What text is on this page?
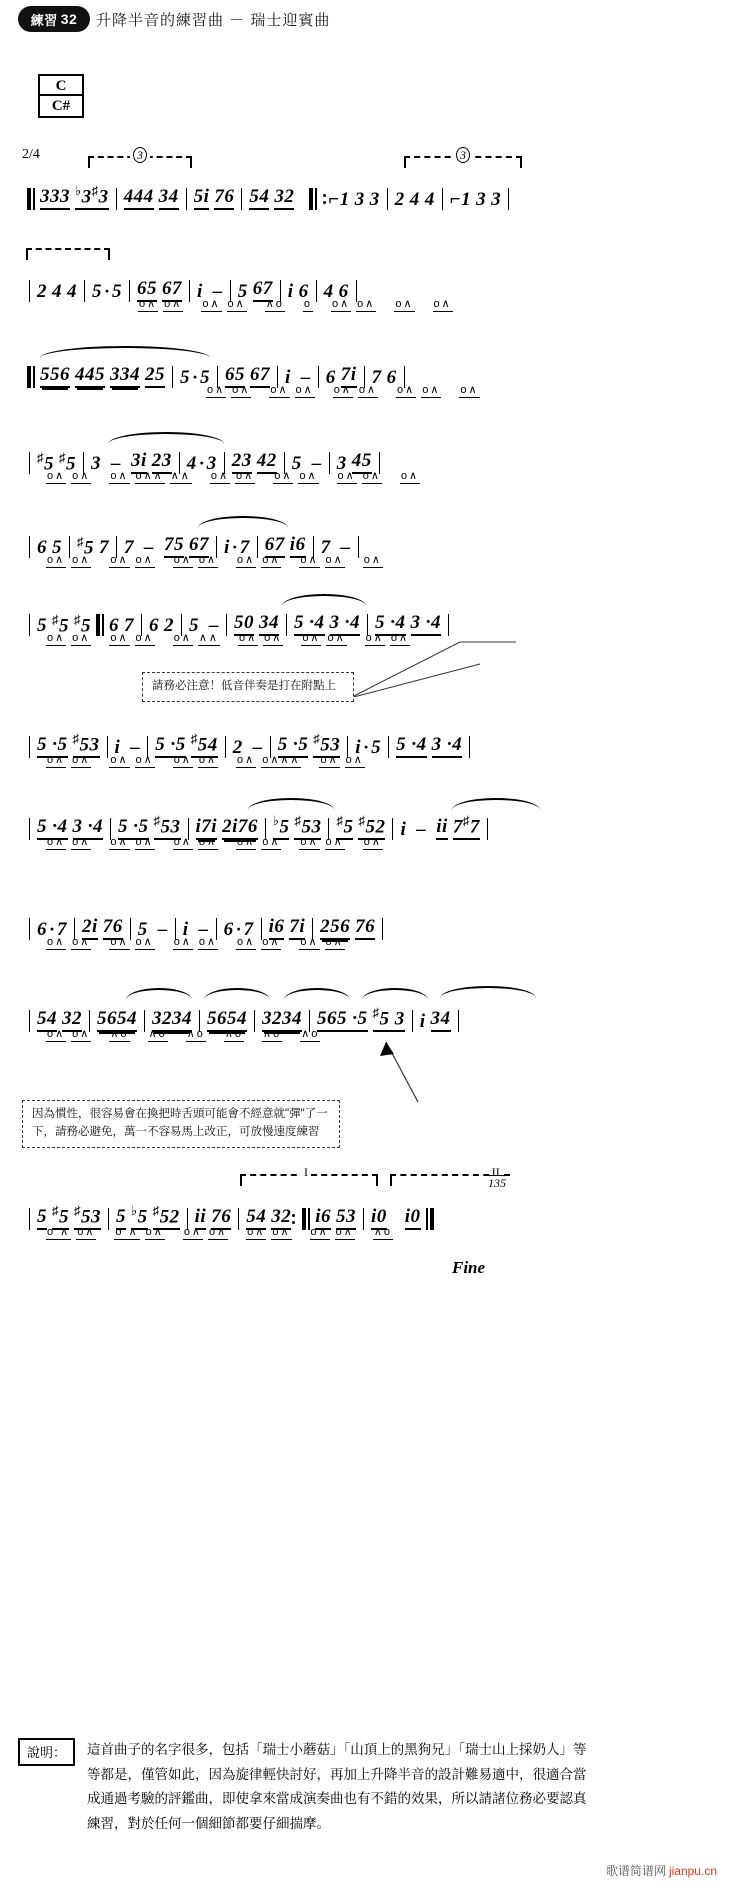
練習 32 升降半音的練習曲 － 瑞士迎賓曲
C
C#
2/4	3	3
333 ♭3♯3 444 34 5i 76 54 32 ⌐1 3 3 2 4 4 ⌐1 3 3
2 4 4 5 · 5 65 67 i – 5 67 i 6 4 6
o∧ o∧ o∧ o∧ ∧o o o∧ o∧ o∧ o∧
556 445 334 25 5 · 5 65 67 i – 6 7i 7 6
o∧ o∧ o∧ o∧ o∧ o∧ o∧ o∧ o∧
♯5 ♯5 3 – 3i 23 4 · 3 23 42 5 – 3 45
o∧ o∧ o∧ o∧∧ ∧∧ o∧ o∧ o∧ o∧ o∧ o∧ o∧
6 5 ♯5 7 7 – 75 67 i · 7 67 i6 7 –
o∧ o∧ o∧ o∧ o∧ o∧ o∧ o∧ o∧ o∧ o∧
5 ♯5 ♯5 6 7 6 2 5 – 50 34 5 ·4 3 ·4 5 ·4 3 ·4
o∧ o∧ o∧ o∧ o∧ ∧∧ o∧ o∧ o∧ o∧ o∧ o∧
請務必注意！低音伴奏是打在附點上
5 ·5 ♯53 i – 5 ·5 ♯54 2 – 5 ·5 ♯53 i · 5 5 ·4 3 ·4
o∧ o∧ o∧ o∧ o∧ o∧ o∧ o∧∧∧ o∧ o∧
5 ·4 3 ·4 5 ·5 ♯53 i7i 2i76 ♭5 ♯53 ♯5 ♯52 i – ii 7♯7
o∧ o∧ o∧ o∧ o∧ o∧ o∧ o∧ o∧ o∧ o∧
6 · 7 2i 76 5 – i – 6 · 7 i6 7i 256 76
o∧ o∧ o∧ o∧ o∧ o∧ o∧ o∧ o∧ o∧
54 32 5654 3234 5654 3234 565 ·5 ♯5 3 i 34
o∧ o∧ ∧o ∧o ∧o ∧o ∧o ∧o
因為慣性，很容易會在換把時舌頭可能會不經意就"彈"了一
下，請務必避免，萬一不容易馬上改正，可放慢速度練習
I	II
135
5 ♯5 ♯53 5 ♭5 ♯52 ii 76 54 32 i6 53 i0 i0
o ∧ o∧ o ∧ o∧ o∧ o∧ o∧ o∧ o∧ o∧ ∧o
Fine
說明：	這首曲子的名字很多，包括「瑞士小蘑菇」「山頂上的黑狗兄」「瑞士山上採奶人」等
等都是，僅管如此，因為旋律輕快討好，再加上升降半音的設計難易適中，很適合當
成通過考驗的評鑑曲，即使拿來當成演奏曲也有不錯的效果，所以請諸位務必要認真
練習，對於任何一個細節都要仔細揣摩。
歌谱简谱网 jianpu.cn
